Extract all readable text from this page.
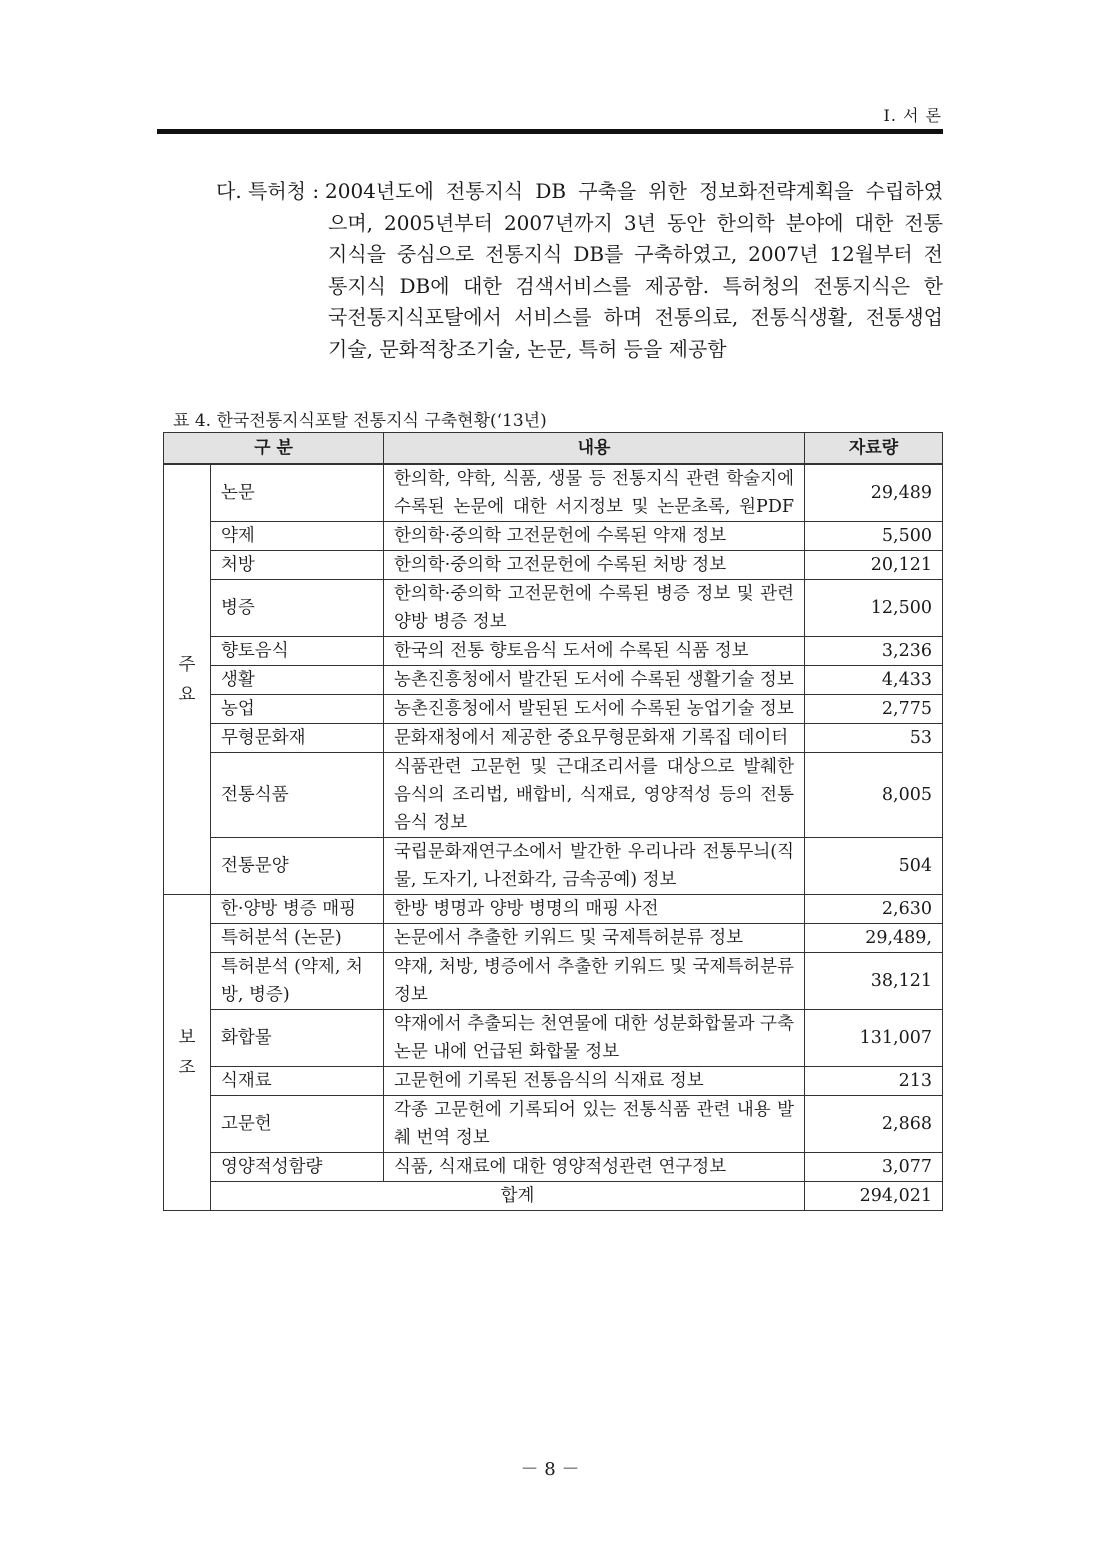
I. 서 론
다. 특허청 : 2004년도에 전통지식 DB 구축을 위한 정보화전략계획을 수립하였
으며, 2005년부터 2007년까지 3년 동안 한의학 분야에 대한 전통
지식을 중심으로 전통지식 DB를 구축하였고, 2007년 12월부터 전
통지식 DB에 대한 검색서비스를 제공함. 특허청의 전통지식은 한
국전통지식포탈에서 서비스를 하며 전통의료, 전통식생활, 전통생업
기술, 문화적창조기술, 논문, 특허 등을 제공함
표 4. 한국전통지식포탈 전통지식 구축현황(‘13년)
구 분		내용	자료량

주
요	논문	한의학, 약학, 식품, 생물 등 전통지식 관련 학술지에 수록된 논문에 대한 서지정보 및 논문초록, 원PDF	29,489
	약제	한의학·중의학 고전문헌에 수록된 약재 정보	5,500
	처방	한의학·중의학 고전문헌에 수록된 처방 정보	20,121
	병증	한의학·중의학 고전문헌에 수록된 병증 정보 및 관련 양방 병증 정보	12,500
	향토음식	한국의 전통 향토음식 도서에 수록된 식품 정보	3,236
	생활	농촌진흥청에서 발간된 도서에 수록된 생활기술 정보	4,433
	농업	농촌진흥청에서 발된된 도서에 수록된 농업기술 정보	2,775
	무형문화재	문화재청에서 제공한 중요무형문화재 기록집 데이터	53
	전통식품	식품관련 고문헌 및 근대조리서를 대상으로 발췌한 음식의 조리법, 배합비, 식재료, 영양적성 등의 전통음식 정보	8,005
	전통문양	국립문화재연구소에서 발간한 우리나라 전통무늬(직물, 도자기, 나전화각, 금속공예) 정보	504

보
조	한·양방 병증 매핑	한방 병명과 양방 병명의 매핑 사전	2,630
	특허분석 (논문)	논문에서 추출한 키워드 및 국제특허분류 정보	29,489,
	특허분석 (약제, 처방, 병증)	약재, 처방, 병증에서 추출한 키워드 및 국제특허분류 정보	38,121
	화합물	약재에서 추출되는 천연물에 대한 성분화합물과 구축 논문 내에 언급된 화합물 정보	131,007
	식재료	고문헌에 기록된 전통음식의 식재료 정보	213
	고문헌	각종 고문헌에 기록되어 있는 전통식품 관련 내용 발췌 번역 정보	2,868
	영양적성함량	식품, 식재료에 대한 영양적성관련 연구정보	3,077
	합계		294,021
－ 8 －
